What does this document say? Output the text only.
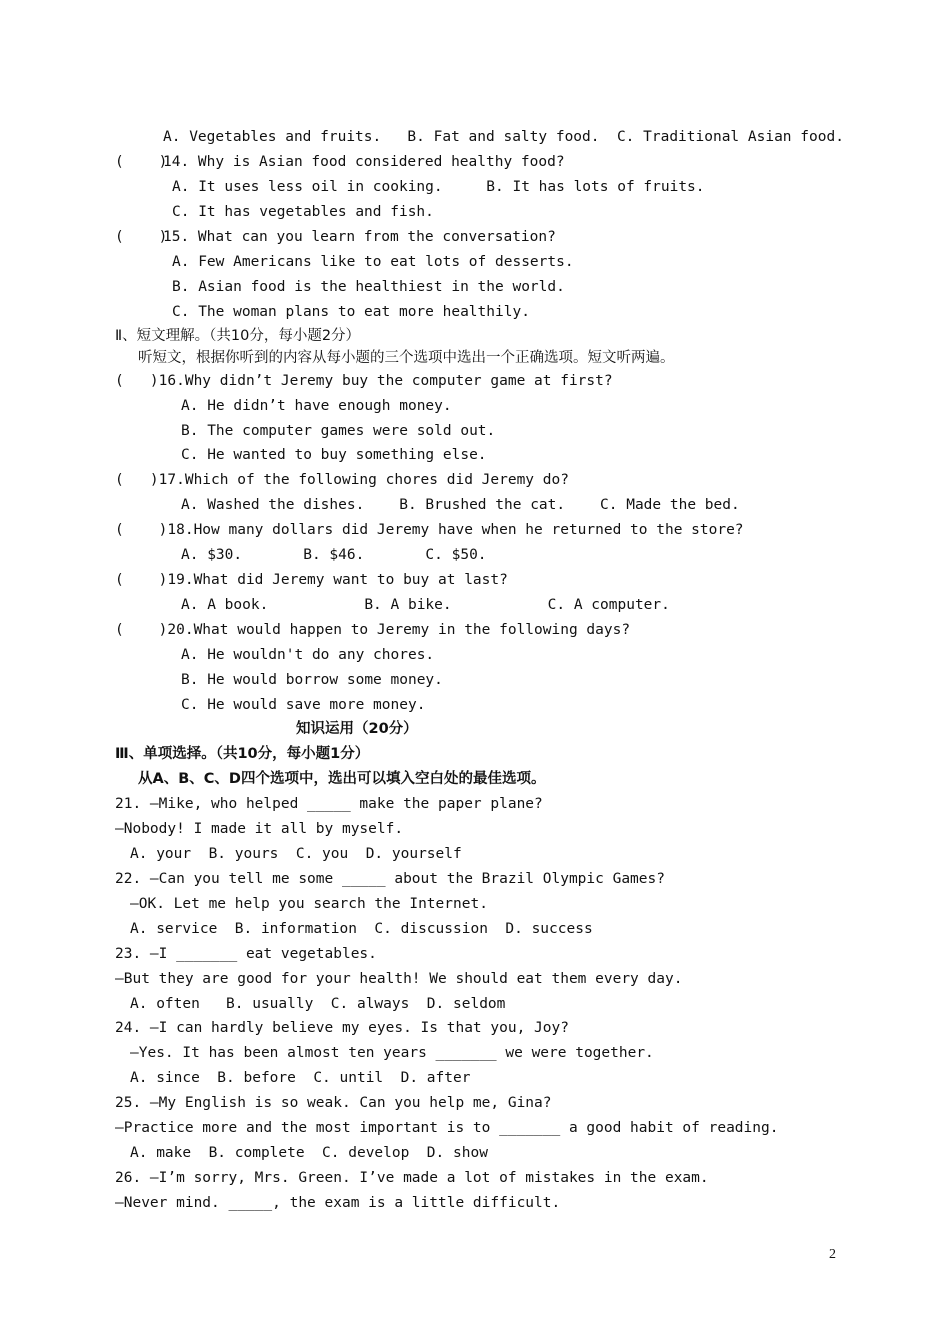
A. Vegetables and fruits.   B. Fat and salty food.  C. Traditional Asian food.
(    )
14. Why is Asian food considered healthy food?
A. It uses less oil in cooking.     B. It has lots of fruits.
C. It has vegetables and fish.
(    )
15. What can you learn from the conversation?
A. Few Americans like to eat lots of desserts.
B. Asian food is the healthiest in the world.
C. The woman plans to eat more healthily.
Ⅱ、短文理解。（共10分，每小题2分）
听短文，根据你听到的内容从每小题的三个选项中选出一个正确选项。短文听两遍。
(   )16.Why didn’t Jeremy buy the computer game at first?
A. He didn’t have enough money.
B. The computer games were sold out.
C. He wanted to buy something else.
(   )17.Which of the following chores did Jeremy do?
A. Washed the dishes.    B. Brushed the cat.    C. Made the bed.
(    )18.How many dollars did Jeremy have when he returned to the store?
A. $30.       B. $46.       C. $50.
(    )19.What did Jeremy want to buy at last?
A. A book.           B. A bike.           C. A computer.
(    )20.What would happen to Jeremy in the following days?
A. He wouldn't do any chores.
B. He would borrow some money.
C. He would save more money.
知识运用（20分）
Ⅲ、单项选择。（共10分，每小题1分）
从A、B、C、D四个选项中，选出可以填入空白处的最佳选项。
21. —Mike, who helped _____ make the paper plane?
—Nobody! I made it all by myself.
A. your  B. yours  C. you  D. yourself
22. —Can you tell me some _____ about the Brazil Olympic Games?
—OK. Let me help you search the Internet.
A. service  B. information  C. discussion  D. success
23. —I _______ eat vegetables.
—But they are good for your health! We should eat them every day.
A. often   B. usually  C. always  D. seldom
24. —I can hardly believe my eyes. Is that you, Joy?
—Yes. It has been almost ten years _______ we were together.
A. since  B. before  C. until  D. after
25. —My English is so weak. Can you help me, Gina?
—Practice more and the most important is to _______ a good habit of reading.
A. make  B. complete  C. develop  D. show
26. —I’m sorry, Mrs. Green. I’ve made a lot of mistakes in the exam.
—Never mind. _____, the exam is a little difficult.
2
